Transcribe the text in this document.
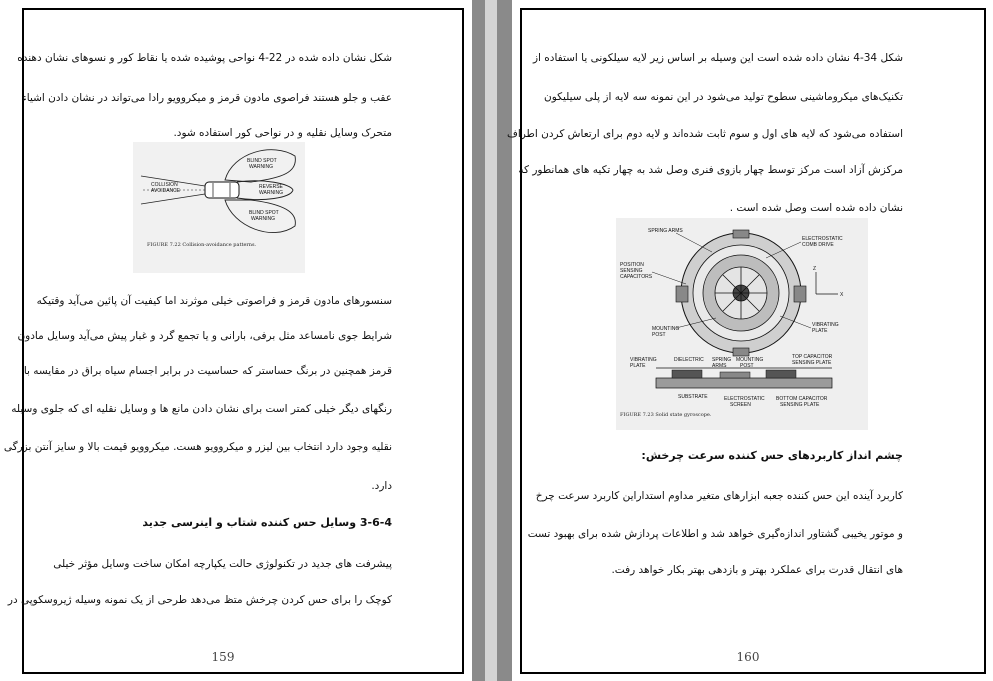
شکل نشان داده شده در 22-4 نواحی پوشیده شده یا نقاط کور و نسوهای نشان دهنده
عقب و جلو هستند فراصوی مادون قرمز و میکروویو رادا می‌تواند در نشان دادن اشیاء
متحرک وسایل نقلیه و در نواحی کور استفاده شود.
BLIND SPOT
WARNING
COLLISION
AVOIDANCE
REVERSE
WARNING
BLIND SPOT
WARNING
FIGURE 7.22 Collision-avoidance patterns.
سنسورهای مادون قرمز و فراصوتی خیلی موثرند اما کیفیت آن پائین می‌آید وقتیکه
شرایط جوی نامساعد مثل برفی، بارانی و یا تجمع گرد و غبار پیش می‌آید وسایل مادون
قرمز همچنین در برنگ حساستر که حساسیت در برابر اجسام سیاه براق در مقایسه با
رنگهای دیگر خیلی کمتر است برای نشان دادن مانع ها و وسایل نقلیه ای که جلوی وسیله
نقلیه وجود دارد انتخاب بین لیزر و میکروویو هست. میکروویو قیمت بالا و سایز آنتن بزرگی
دارد.
3-6-4 وسایل حس کننده شتاب و اینرسی جدید
پیشرفت های جدید در تکنولوژی حالت یکپارچه امکان ساخت وسایل مؤثر خیلی
کوچک را برای حس کردن چرخش متظ می‌دهد طرحی از یک نمونه وسیله ژیروسکوپی در
159
شکل 34-4 نشان داده شده است این وسیله بر اساس زیر لایه سیلکونی یا استفاده از
تکنیک‌های میکروماشینی سطوح تولید می‌شود در این نمونه سه لایه از پلی سیلیکون
استفاده می‌شود که لایه های اول و سوم ثابت شده‌اند و لایه دوم برای ارتعاش کردن اطراف
مرکزش آزاد است مرکز توسط چهار بازوی فنری وصل شد به چهار تکیه های همانطور که
نشان داده شده است وصل شده است .
Z
X
SPRING ARMS
ELECTROSTATIC
COMB DRIVE
POSITION
SENSING
CAPACITORS
MOUNTING
POST
VIBRATING
PLATE
VIBRATING
PLATE
DIELECTRIC SPRING
ARMS
MOUNTING
POST
TOP CAPACITOR
SENSING PLATE
SUBSTRATE	ELECTROSTATIC
SCREEN
BOTTOM CAPACITOR
SENSING PLATE
FIGURE 7.23 Solid state gyroscope.
چشم انداز کاربردهای حس کننده سرعت چرخش:
کاربرد آینده این حس کننده جعبه ابزارهای متغیر مداوم استداراین کاربرد سرعت چرخ
و موتور یخیبی گشتاور اندازه‌گیری خواهد شد و اطلاعات پردازش شده برای بهبود تست
های انتقال قدرت برای عملکرد بهتر و بازدهی بهتر بکار خواهد رفت.
160
